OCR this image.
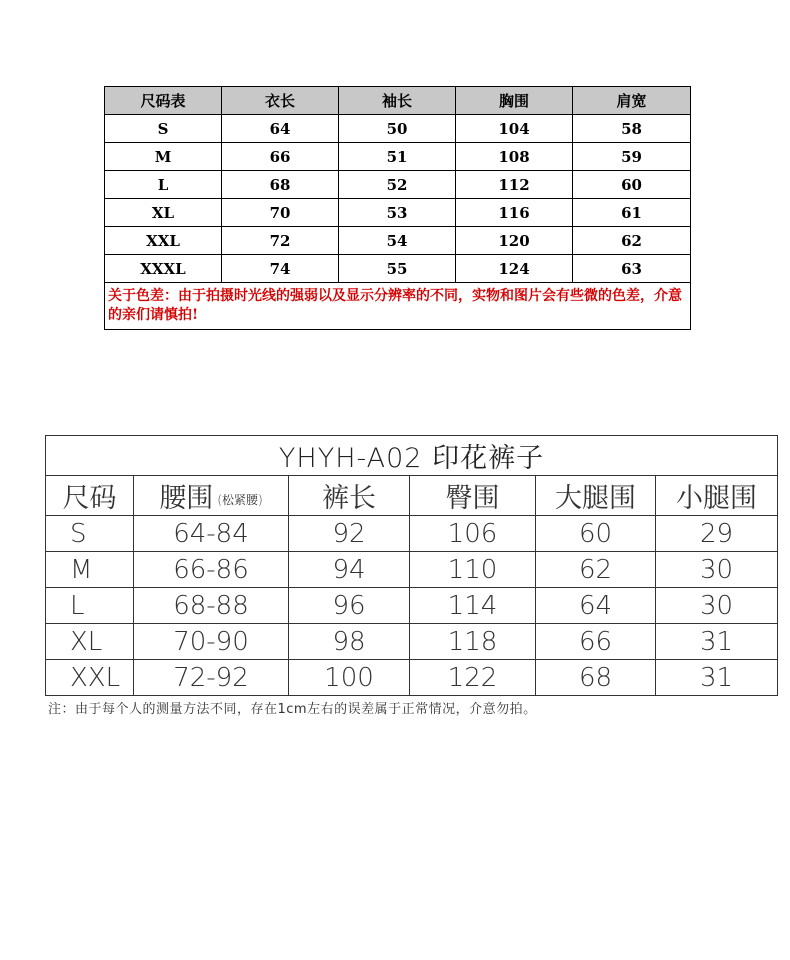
尺码表	衣长	袖长	胸围	肩宽
S	64	50	104	58
M	66	51	108	59
L	68	52	112	60
XL	70	53	116	61
XXL	72	54	120	62
XXXL	74	55	124	63
关于色差：由于拍摄时光线的强弱以及显示分辨率的不同，实物和图片会有些微的色差，介意的亲们请慎拍!				
YHYH-A02 印花裤子					
尺码	腰围 (松紧腰)	裤长	臀围	大腿围	小腿围
S	64-84	92	106	60	29
M	66-86	94	110	62	30
L	68-88	96	114	64	30
XL	70-90	98	118	66	31
XXL	72-92	100	122	68	31
注：由于每个人的测量方法不同，存在1cm左右的误差属于正常情况，介意勿拍。
